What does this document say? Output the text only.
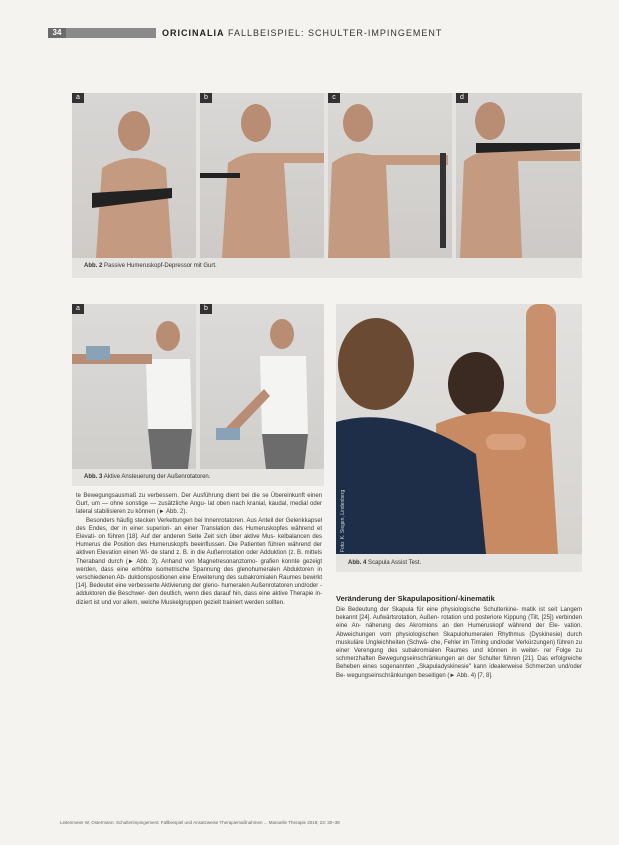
34	ORICINALIA FALLBEISPIEL: SCHULTER-IMPINGEMENT
a	b	c	d
Abb. 2 Passive Humeruskopf-Depressor mit Gurt.
a	b
Abb. 3 Aktive Ansteuerung der Außenrotatoren.
Foto: K. Siegen, Lindenberg
Abb. 4 Scapula Assist Test.

te Bewegungsausmaß zu verbessern. Der Ausführung dient bei die se Übereinkunft einen Gurt, um — ohne sonstige — zusätzliche Angu- lat oben nach kranial, kaudal, medial oder lateral stabilisieren zu können (► Abb. 2).

Besonders häufig stecken Verkettungen bei Innenrotatoren. Aus Anteil der Gelenkkapsel des Endes, der in einer superiori- an einer Translation des Humeruskopfes während et Elevati- on führen [18]. Auf der anderen Seite Zeit sich über aktive Mus- kelbalancen des Humerus die Position des Humeruskopfs beeinflussen. Die Patienten führen während der aktiven Elevation einen Wi- de stand z. B. in die Außenrotation oder Adduktion (z. B. mittels Theraband durch (► Abb. 3). Anhand von Magnetresonanztomo- grafien konnte gezeigt werden, dass eine erhöhte isometrische Spannung des glenohumeralen Abduktoren in verschiedenen Ab- duktionspositionen eine Erweiterung des subakromialen Raumes bewirkt [14]. Bedeutet eine verbesserte Aktivierung der gleno- humeralen Außenrotatoren und/oder -adduktoren die Beschwer- den deutlich, wenn dies darauf hin, dass eine aktive Therapie in- diziert ist und vor allem, welche Muskelgruppen gezielt trainiert werden sollten.	Veränderung der Skapulaposition/-kinematik

Die Bedeutung der Skapula für eine physiologische Schulterkine- matik ist seit Langem bekannt [24]. Aufwärtsrotation, Außen- rotation und posteriore Kippung (Tilt, [25]) verbinden eine An- näherung des Akromions an den Humeruskopf während der Ele- vation. Abweichungen vom physiologischen Skapulohumeralen Rhythmus (Dyskinesie) durch muskuläre Ungleichheiten (Schwä- che, Fehler im Timing und/oder Verkürzungen) führen zu einer Verengung des subakromialen Raumes und können in weiter- rer Folge zu schmerzhaften Bewegungseinschränkungen an der Schulter führen [21]. Das erfolgreiche Beheben eines sogenannten „Skapuladyskinesie" kann idealerweise Schmerzen und/oder Be- wegungseinschränkungen beseitigen (► Abb. 4) [7, 8].

Leitenmeier W, Ostermann: Schulterimpingement: Fallbeispiel und Ansatzweise Therapiemaßnahmen ... Manuelle Therapie 2019; 23: 30–38
